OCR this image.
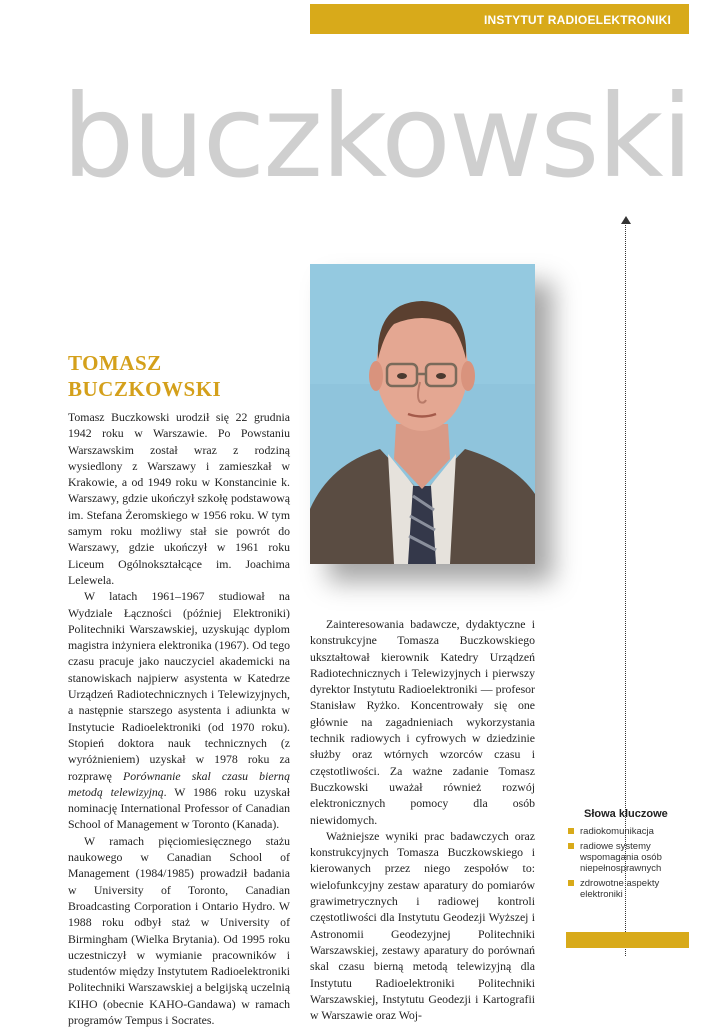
INSTYTUT RADIOELEKTRONIKI
buczkowski
TOMASZ
BUCZKOWSKI

Tomasz Buczkowski urodził się 22 grudnia 1942 roku w Warszawie. Po Powstaniu Warszawskim został wraz z rodziną wysiedlony z Warszawy i zamieszkał w Krakowie, a od 1949 roku w Konstancinie k. Warszawy, gdzie ukończył szkołę podstawową im. Stefana Żeromskiego w 1956 roku. W tym samym roku możliwy stał sie powrót do Warszawy, gdzie ukończył w 1961 roku Liceum Ogólnokształcące im. Joachima Lelewela.

W latach 1961–1967 studiował na Wydziale Łączności (później Elektroniki) Politechniki Warszawskiej, uzyskując dyplom magistra inżyniera elektronika (1967). Od tego czasu pracuje jako nauczyciel akademicki na stanowiskach najpierw asystenta w Katedrze Urządzeń Radiotechnicznych i Telewizyjnych, a następnie starszego asystenta i adiunkta w Instytucie Radioelektroniki (od 1970 roku). Stopień doktora nauk technicznych (z wyróżnieniem) uzyskał w 1978 roku za rozprawę Porównanie skal czasu bierną metodą telewizyjną. W 1986 roku uzyskał nominację International Professor of Canadian School of Management w Toronto (Kanada).

W ramach pięciomiesięcznego stażu naukowego w Canadian School of Management (1984/1985) prowadził badania w University of Toronto, Canadian Broadcasting Corporation i Ontario Hydro. W 1988 roku odbył staż w University of Birmingham (Wielka Brytania). Od 1995 roku uczestniczył w wymianie pracowników i studentów między Instytutem Radioelektroniki Politechniki Warszawskiej a belgijską uczelnią KIHO (obecnie KAHO-Gandawa) w ramach programów Tempus i Socrates.

Zainteresowania badawcze, dydaktyczne i konstrukcyjne Tomasza Buczkowskiego ukształtował kierownik Katedry Urządzeń Radiotechnicznych i Telewizyjnych i pierwszy dyrektor Instytutu Radioelektroniki — profesor Stanisław Ryżko. Koncentrowały się one głównie na zagadnieniach wykorzystania technik radiowych i cyfrowych w dziedzinie służby oraz wtórnych wzorców czasu i częstotliwości. Za ważne zadanie Tomasz Buczkowski uważał również rozwój elektronicznych pomocy dla osób niewidomych.

Ważniejsze wyniki prac badawczych oraz konstrukcyjnych Tomasza Buczkowskiego i kierowanych przez niego zespołów to: wielofunkcyjny zestaw aparatury do pomiarów grawimetrycznych i radiowej kontroli częstotliwości dla Instytutu Geodezji Wyższej i Astronomii Geodezyjnej Politechniki Warszawskiej, zestawy aparatury do porównań skal czasu bierną metodą telewizyjną dla Instytutu Radioelektroniki Politechniki Warszawskiej, Instytutu Geodezji i Kartografii w Warszawie oraz Woj-

Słowa kluczowe
radiokomunikacja
radiowe systemy wspomagania osób niepełnosprawnych
zdrowotne aspekty elektroniki
